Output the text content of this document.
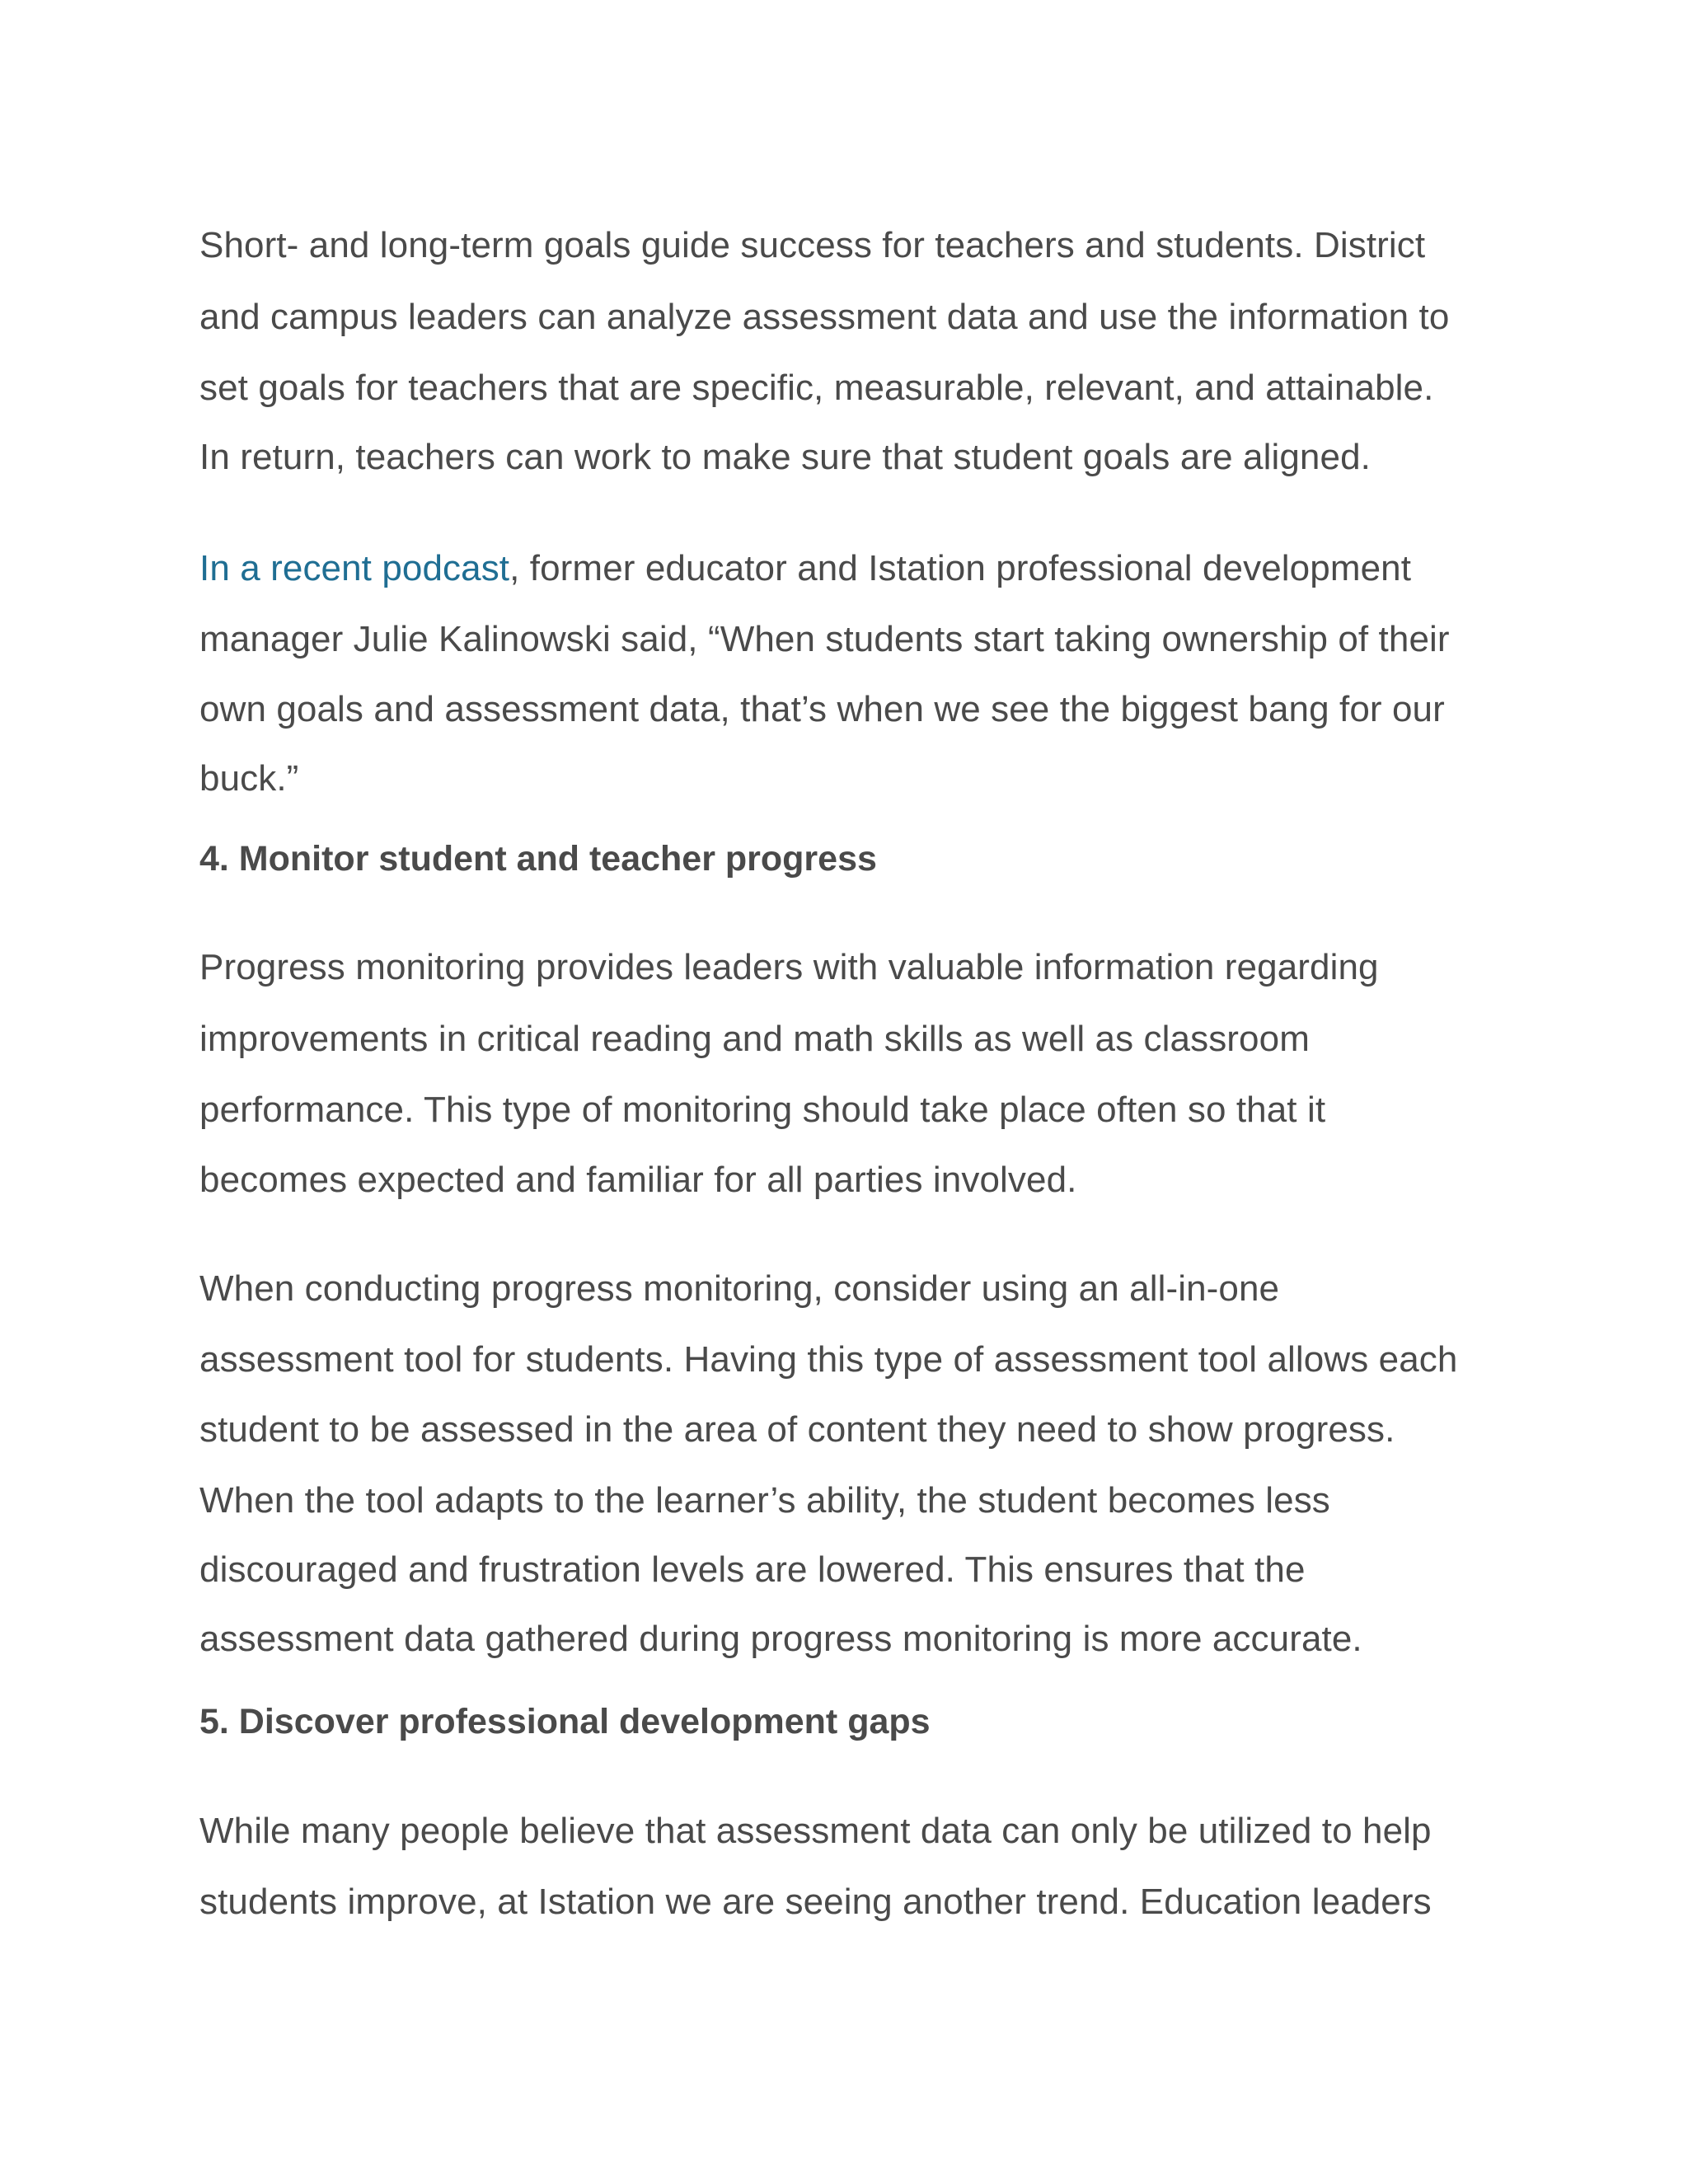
Short- and long-term goals guide success for teachers and students. District
and campus leaders can analyze assessment data and use the information to
set goals for teachers that are specific, measurable, relevant, and attainable.
In return, teachers can work to make sure that student goals are aligned.
In a recent podcast, former educator and Istation professional development
manager Julie Kalinowski said, “When students start taking ownership of their
own goals and assessment data, that’s when we see the biggest bang for our
buck.”
4. Monitor student and teacher progress
Progress monitoring provides leaders with valuable information regarding
improvements in critical reading and math skills as well as classroom
performance. This type of monitoring should take place often so that it
becomes expected and familiar for all parties involved.
When conducting progress monitoring, consider using an all-in-one
assessment tool for students. Having this type of assessment tool allows each
student to be assessed in the area of content they need to show progress.
When the tool adapts to the learner’s ability, the student becomes less
discouraged and frustration levels are lowered. This ensures that the
assessment data gathered during progress monitoring is more accurate.
5. Discover professional development gaps
While many people believe that assessment data can only be utilized to help
students improve, at Istation we are seeing another trend. Education leaders
